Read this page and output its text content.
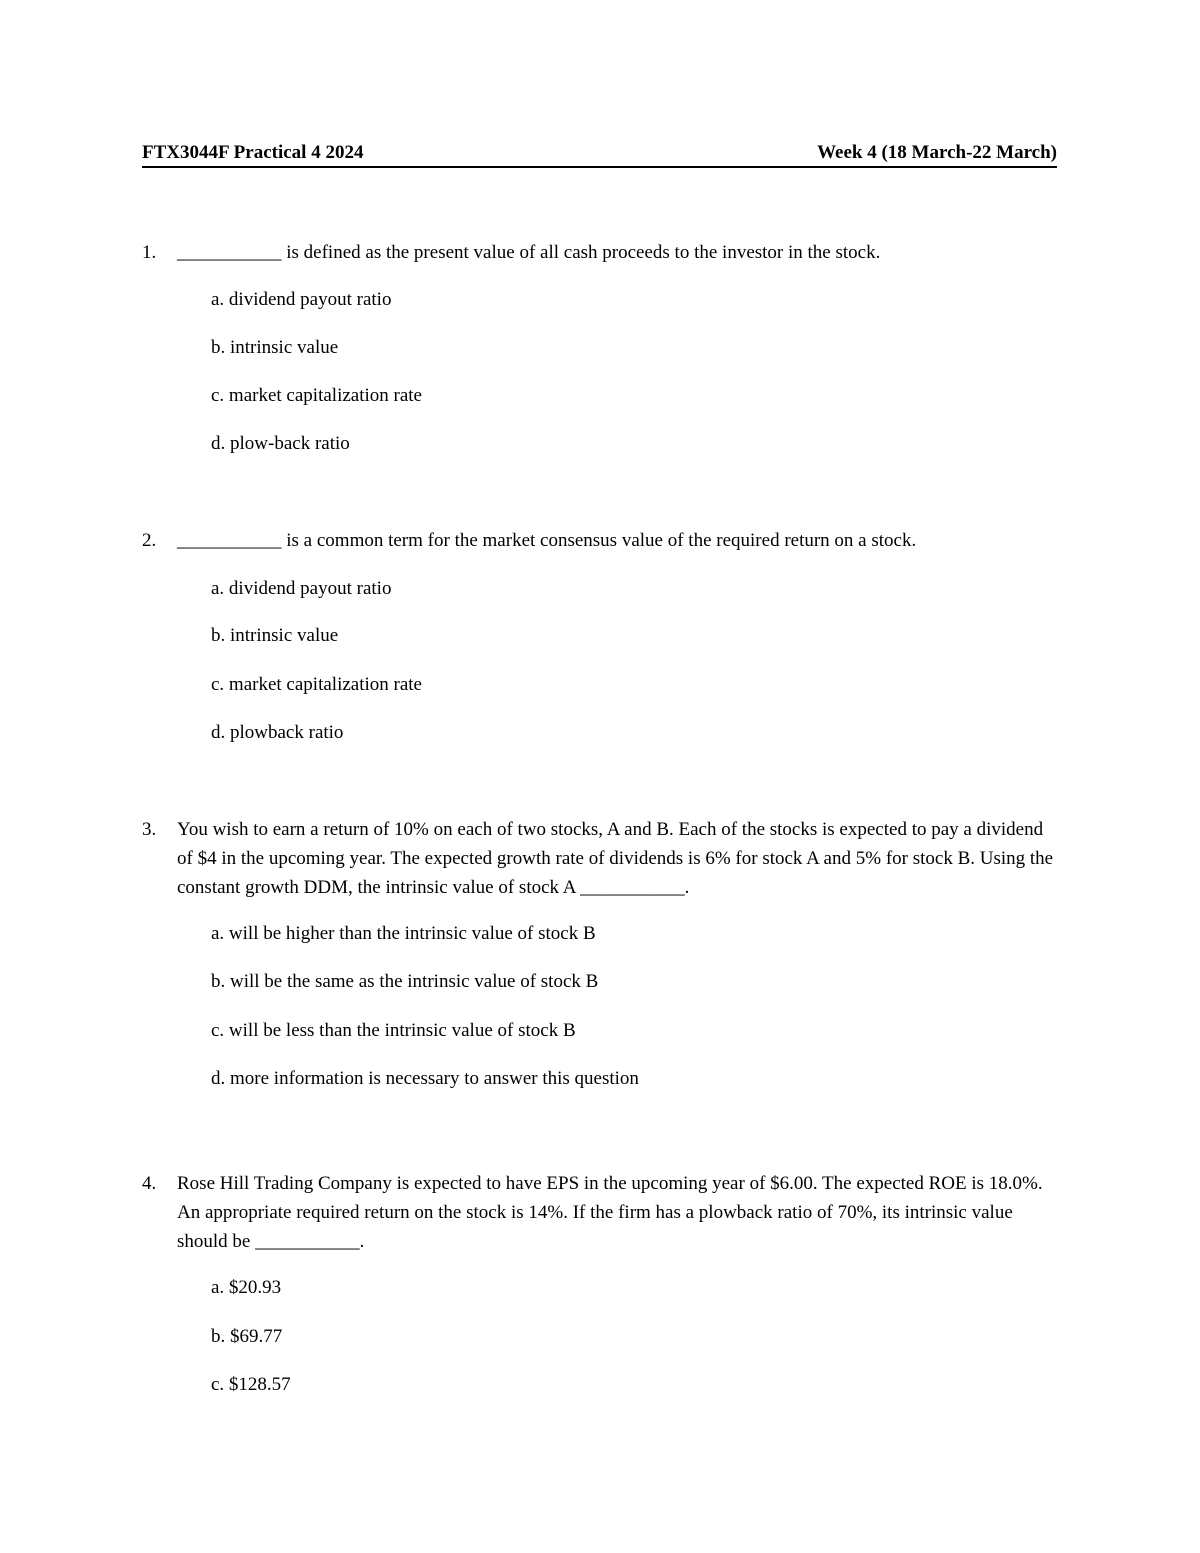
FTX3044F Practical 4 2024	Week 4 (18 March-22 March)
1.	___________ is defined as the present value of all cash proceeds to the investor in the stock.
a. dividend payout ratio
b. intrinsic value
c. market capitalization rate
d. plow-back ratio
2.	___________ is a common term for the market consensus value of the required return on a stock.
a. dividend payout ratio
b. intrinsic value
c. market capitalization rate
d. plowback ratio
3.	You wish to earn a return of 10% on each of two stocks, A and B. Each of the stocks is expected to pay a dividend of $4 in the upcoming year. The expected growth rate of dividends is 6% for stock A and 5% for stock B. Using the constant growth DDM, the intrinsic value of stock A ___________.
a. will be higher than the intrinsic value of stock B
b. will be the same as the intrinsic value of stock B
c. will be less than the intrinsic value of stock B
d. more information is necessary to answer this question
4.	Rose Hill Trading Company is expected to have EPS in the upcoming year of $6.00. The expected ROE is 18.0%. An appropriate required return on the stock is 14%. If the firm has a plowback ratio of 70%, its intrinsic value should be ___________.
a. $20.93
b. $69.77
c. $128.57
